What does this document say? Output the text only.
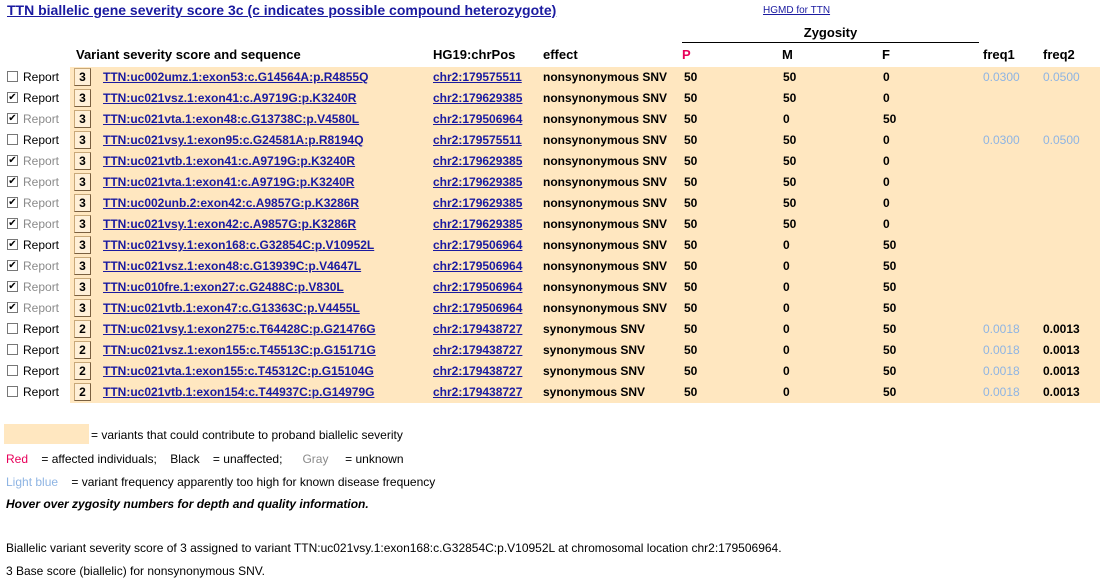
TTN biallelic gene severity score 3c (c indicates possible compound heterozygote)	HGMD for TTN
Zygosity
Variant severity score and sequence	HG19:chrPos effect	P	M	F	freq1 freq2
Report	3	TTN:uc002umz.1:exon53:c.G14564A:p.R4855Q	chr2:179575511 nonsynonymous SNV 50	50	0	0.0300 0.0500
✔ Report	3	TTN:uc021vsz.1:exon41:c.A9719G:p.K3240R	chr2:179629385 nonsynonymous SNV 50	50	0
✔ Report	3	TTN:uc021vta.1:exon48:c.G13738C:p.V4580L	chr2:179506964 nonsynonymous SNV 50	0	50
Report	3	TTN:uc021vsy.1:exon95:c.G24581A:p.R8194Q	chr2:179575511 nonsynonymous SNV 50	50	0	0.0300 0.0500
✔ Report	3	TTN:uc021vtb.1:exon41:c.A9719G:p.K3240R	chr2:179629385 nonsynonymous SNV 50	50	0
✔ Report	3	TTN:uc021vta.1:exon41:c.A9719G:p.K3240R	chr2:179629385 nonsynonymous SNV 50	50	0
✔ Report	3	TTN:uc002unb.2:exon42:c.A9857G:p.K3286R	chr2:179629385 nonsynonymous SNV 50	50	0
✔ Report	3	TTN:uc021vsy.1:exon42:c.A9857G:p.K3286R	chr2:179629385 nonsynonymous SNV 50	50	0
✔ Report	3	TTN:uc021vsy.1:exon168:c.G32854C:p.V10952L	chr2:179506964 nonsynonymous SNV 50	0	50
✔ Report	3	TTN:uc021vsz.1:exon48:c.G13939C:p.V4647L	chr2:179506964 nonsynonymous SNV 50	0	50
✔ Report	3	TTN:uc010fre.1:exon27:c.G2488C:p.V830L	chr2:179506964 nonsynonymous SNV 50	0	50
✔ Report	3	TTN:uc021vtb.1:exon47:c.G13363C:p.V4455L	chr2:179506964 nonsynonymous SNV 50	0	50
Report	2	TTN:uc021vsy.1:exon275:c.T64428C:p.G21476G	chr2:179438727 synonymous SNV	50	0	50	0.0018 0.0013
Report	2	TTN:uc021vsz.1:exon155:c.T45513C:p.G15171G	chr2:179438727 synonymous SNV	50	0	50	0.0018 0.0013
Report	2	TTN:uc021vta.1:exon155:c.T45312C:p.G15104G	chr2:179438727 synonymous SNV	50	0	50	0.0018 0.0013
Report	2	TTN:uc021vtb.1:exon154:c.T44937C:p.G14979G	chr2:179438727 synonymous SNV	50	0	50	0.0018 0.0013
= variants that could contribute to proband biallelic severity
Red = affected individuals; Black = unaffected; Gray = unknown
Light blue = variant frequency apparently too high for known disease frequency
Hover over zygosity numbers for depth and quality information.
Biallelic variant severity score of 3 assigned to variant TTN:uc021vsy.1:exon168:c.G32854C:p.V10952L at chromosomal location chr2:179506964.
3 Base score (biallelic) for nonsynonymous SNV.
